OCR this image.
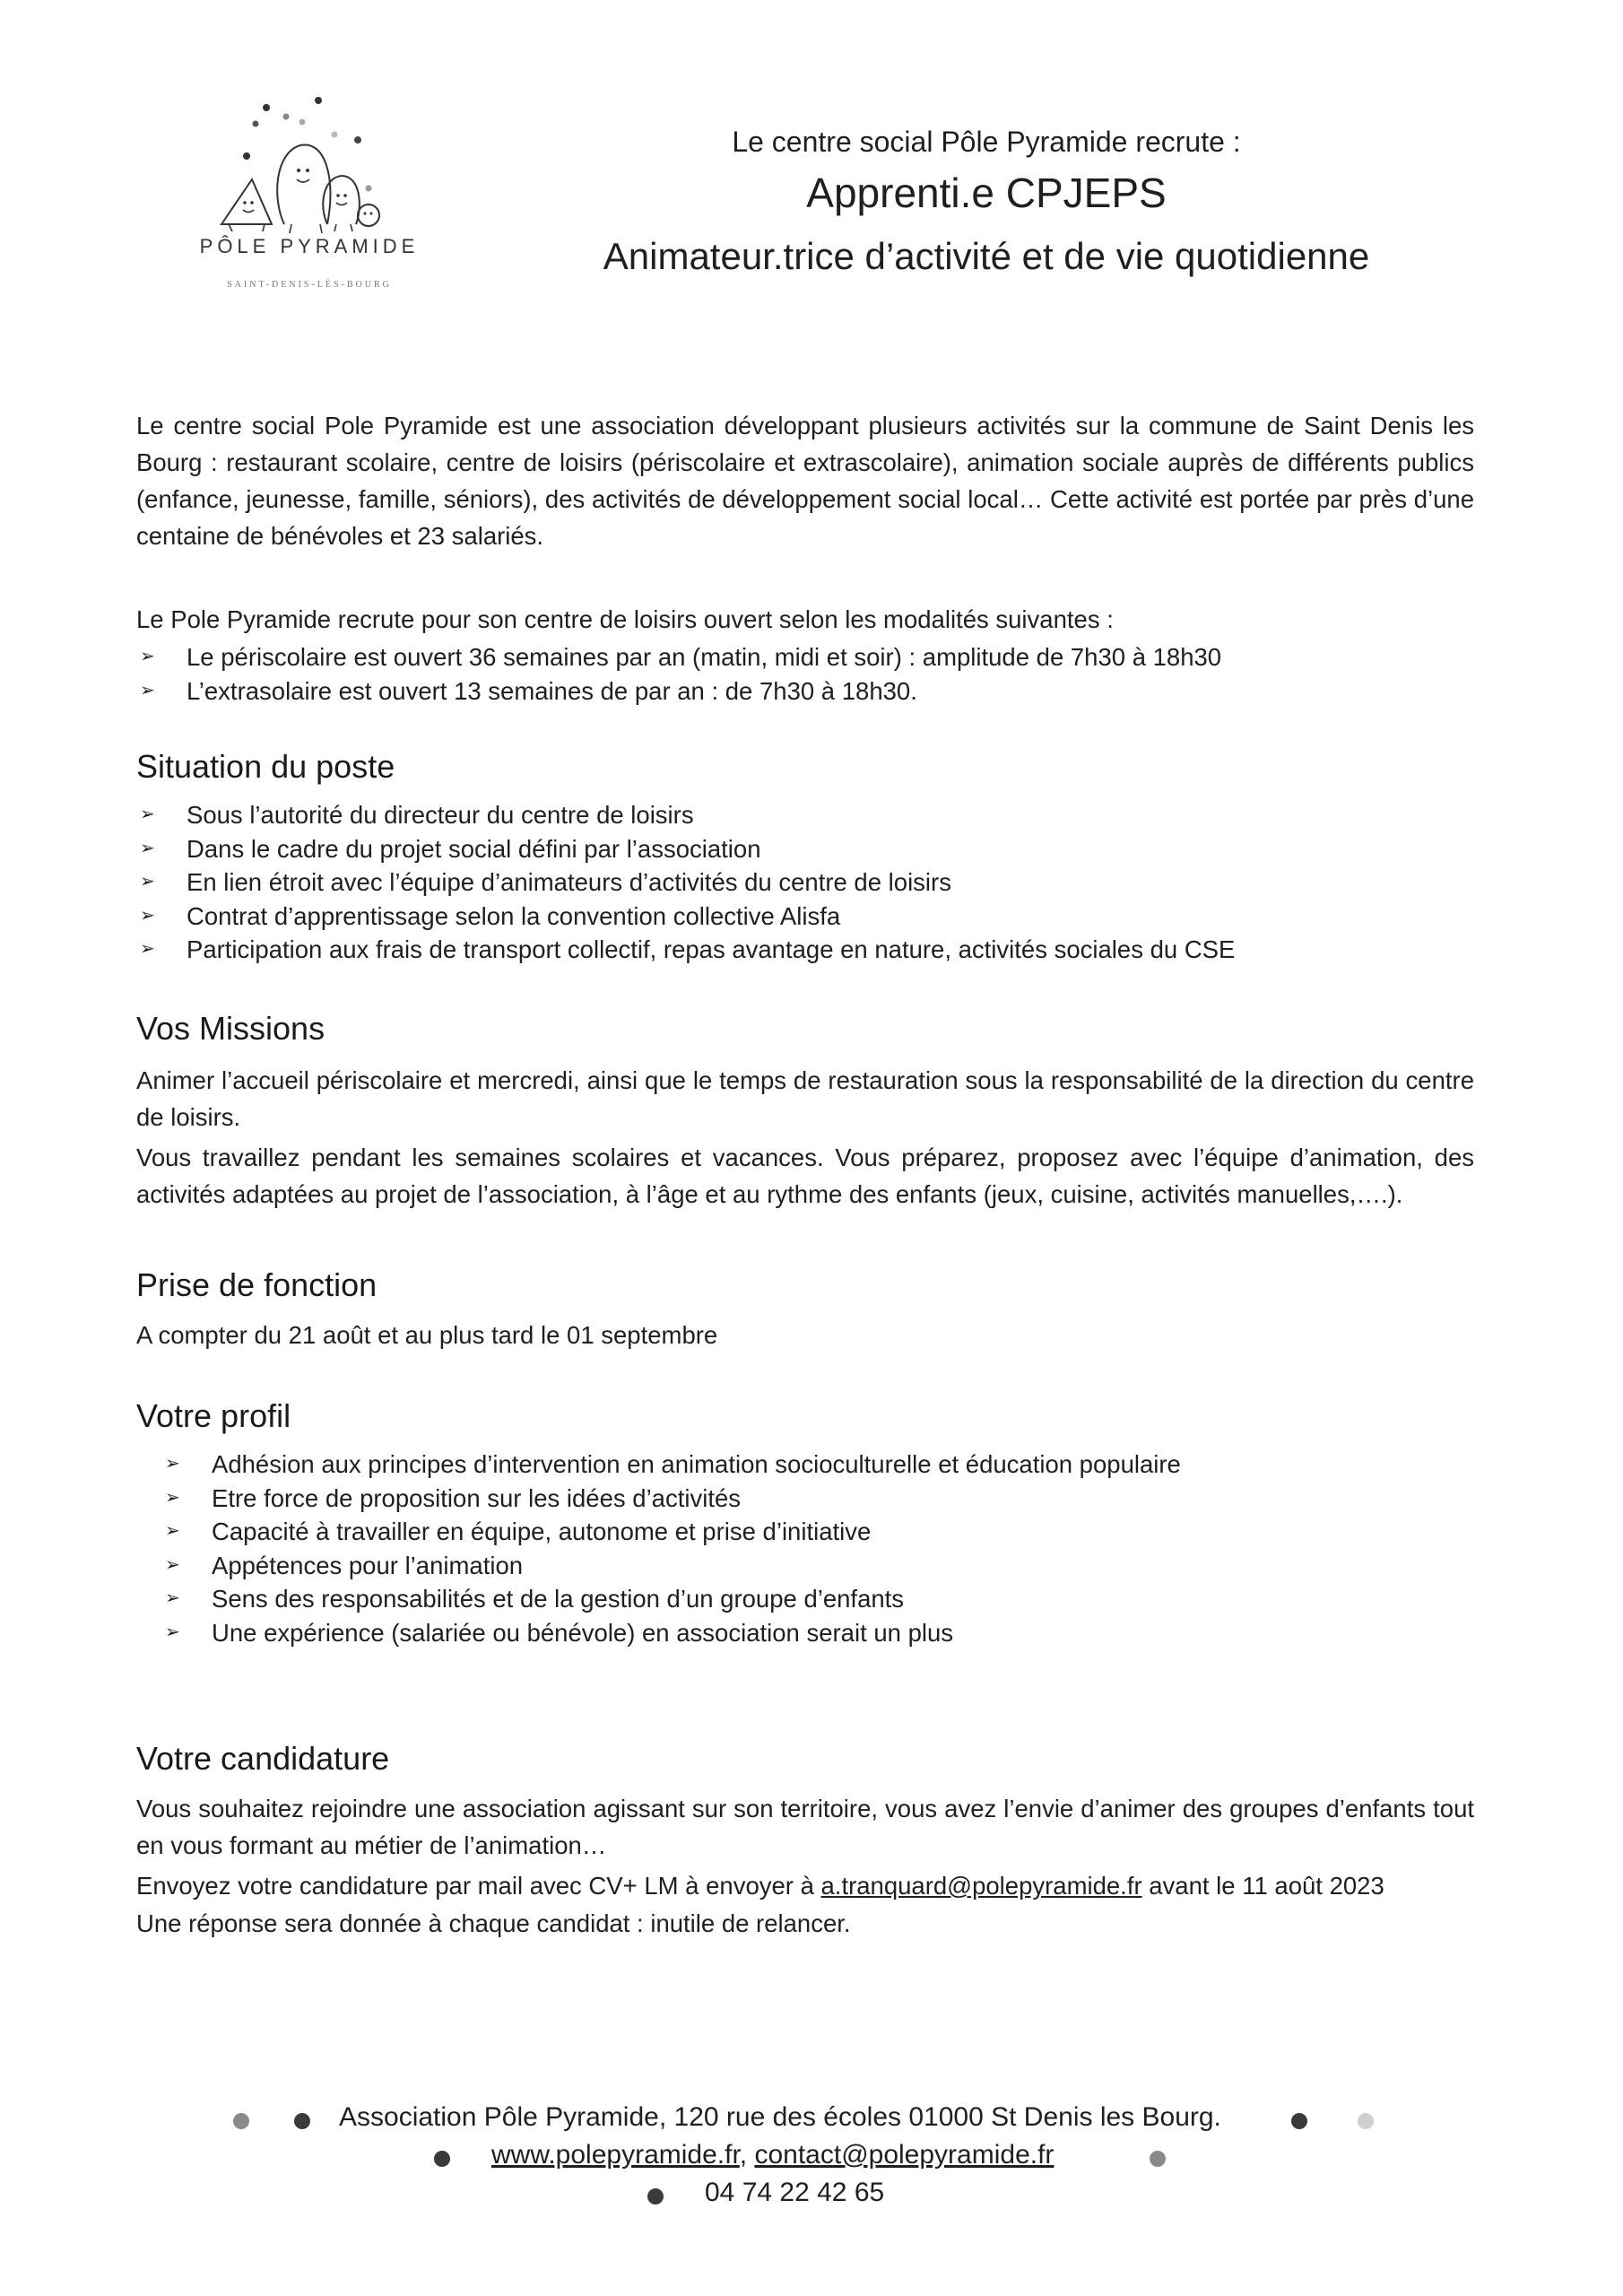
PÔLE PYRAMIDE
SAINT-DENIS-LÈS-BOURG
Le centre social Pôle Pyramide recrute :
Apprenti.e CPJEPS
Animateur.trice d’activité et de vie quotidienne
Le centre social Pole Pyramide est une association développant plusieurs activités sur la commune de Saint Denis les Bourg : restaurant scolaire, centre de loisirs (périscolaire et extrascolaire), animation sociale auprès de différents publics (enfance, jeunesse, famille, séniors), des activités de développement social local… Cette activité est portée par près d’une centaine de bénévoles et 23 salariés.
Le Pole Pyramide recrute pour son centre de loisirs ouvert selon les modalités suivantes :
➢ Le périscolaire est ouvert 36 semaines par an (matin, midi et soir) : amplitude de 7h30 à 18h30
➢ L’extrasolaire est ouvert 13 semaines de par an : de 7h30 à 18h30.
Situation du poste
➢ Sous l’autorité du directeur du centre de loisirs
➢ Dans le cadre du projet social défini par l’association
➢ En lien étroit avec l’équipe d’animateurs d’activités du centre de loisirs
➢ Contrat d’apprentissage selon la convention collective Alisfa
➢ Participation aux frais de transport collectif, repas avantage en nature, activités sociales du CSE
Vos Missions
Animer l’accueil périscolaire et mercredi, ainsi que le temps de restauration sous la responsabilité de la direction du centre de loisirs.
Vous travaillez pendant les semaines scolaires et vacances. Vous préparez, proposez avec l’équipe d’animation, des activités adaptées au projet de l’association, à l’âge et au rythme des enfants (jeux, cuisine, activités manuelles,….).
Prise de fonction
A compter du 21 août et au plus tard le 01 septembre
Votre profil
➢ Adhésion aux principes d’intervention en animation socioculturelle et éducation populaire
➢ Etre force de proposition sur les idées d’activités
➢ Capacité à travailler en équipe, autonome et prise d’initiative
➢ Appétences pour l’animation
➢ Sens des responsabilités et de la gestion d’un groupe d’enfants
➢ Une expérience (salariée ou bénévole) en association serait un plus
Votre candidature
Vous souhaitez rejoindre une association agissant sur son territoire, vous avez l’envie d’animer des groupes d’enfants tout en vous formant au métier de l’animation…
Envoyez votre candidature par mail avec CV+ LM à envoyer à a.tranquard@polepyramide.fr avant le 11 août 2023
Une réponse sera donnée à chaque candidat : inutile de relancer.
Association Pôle Pyramide, 120 rue des écoles 01000 St Denis les Bourg.
www.polepyramide.fr, contact@polepyramide.fr
04 74 22 42 65
